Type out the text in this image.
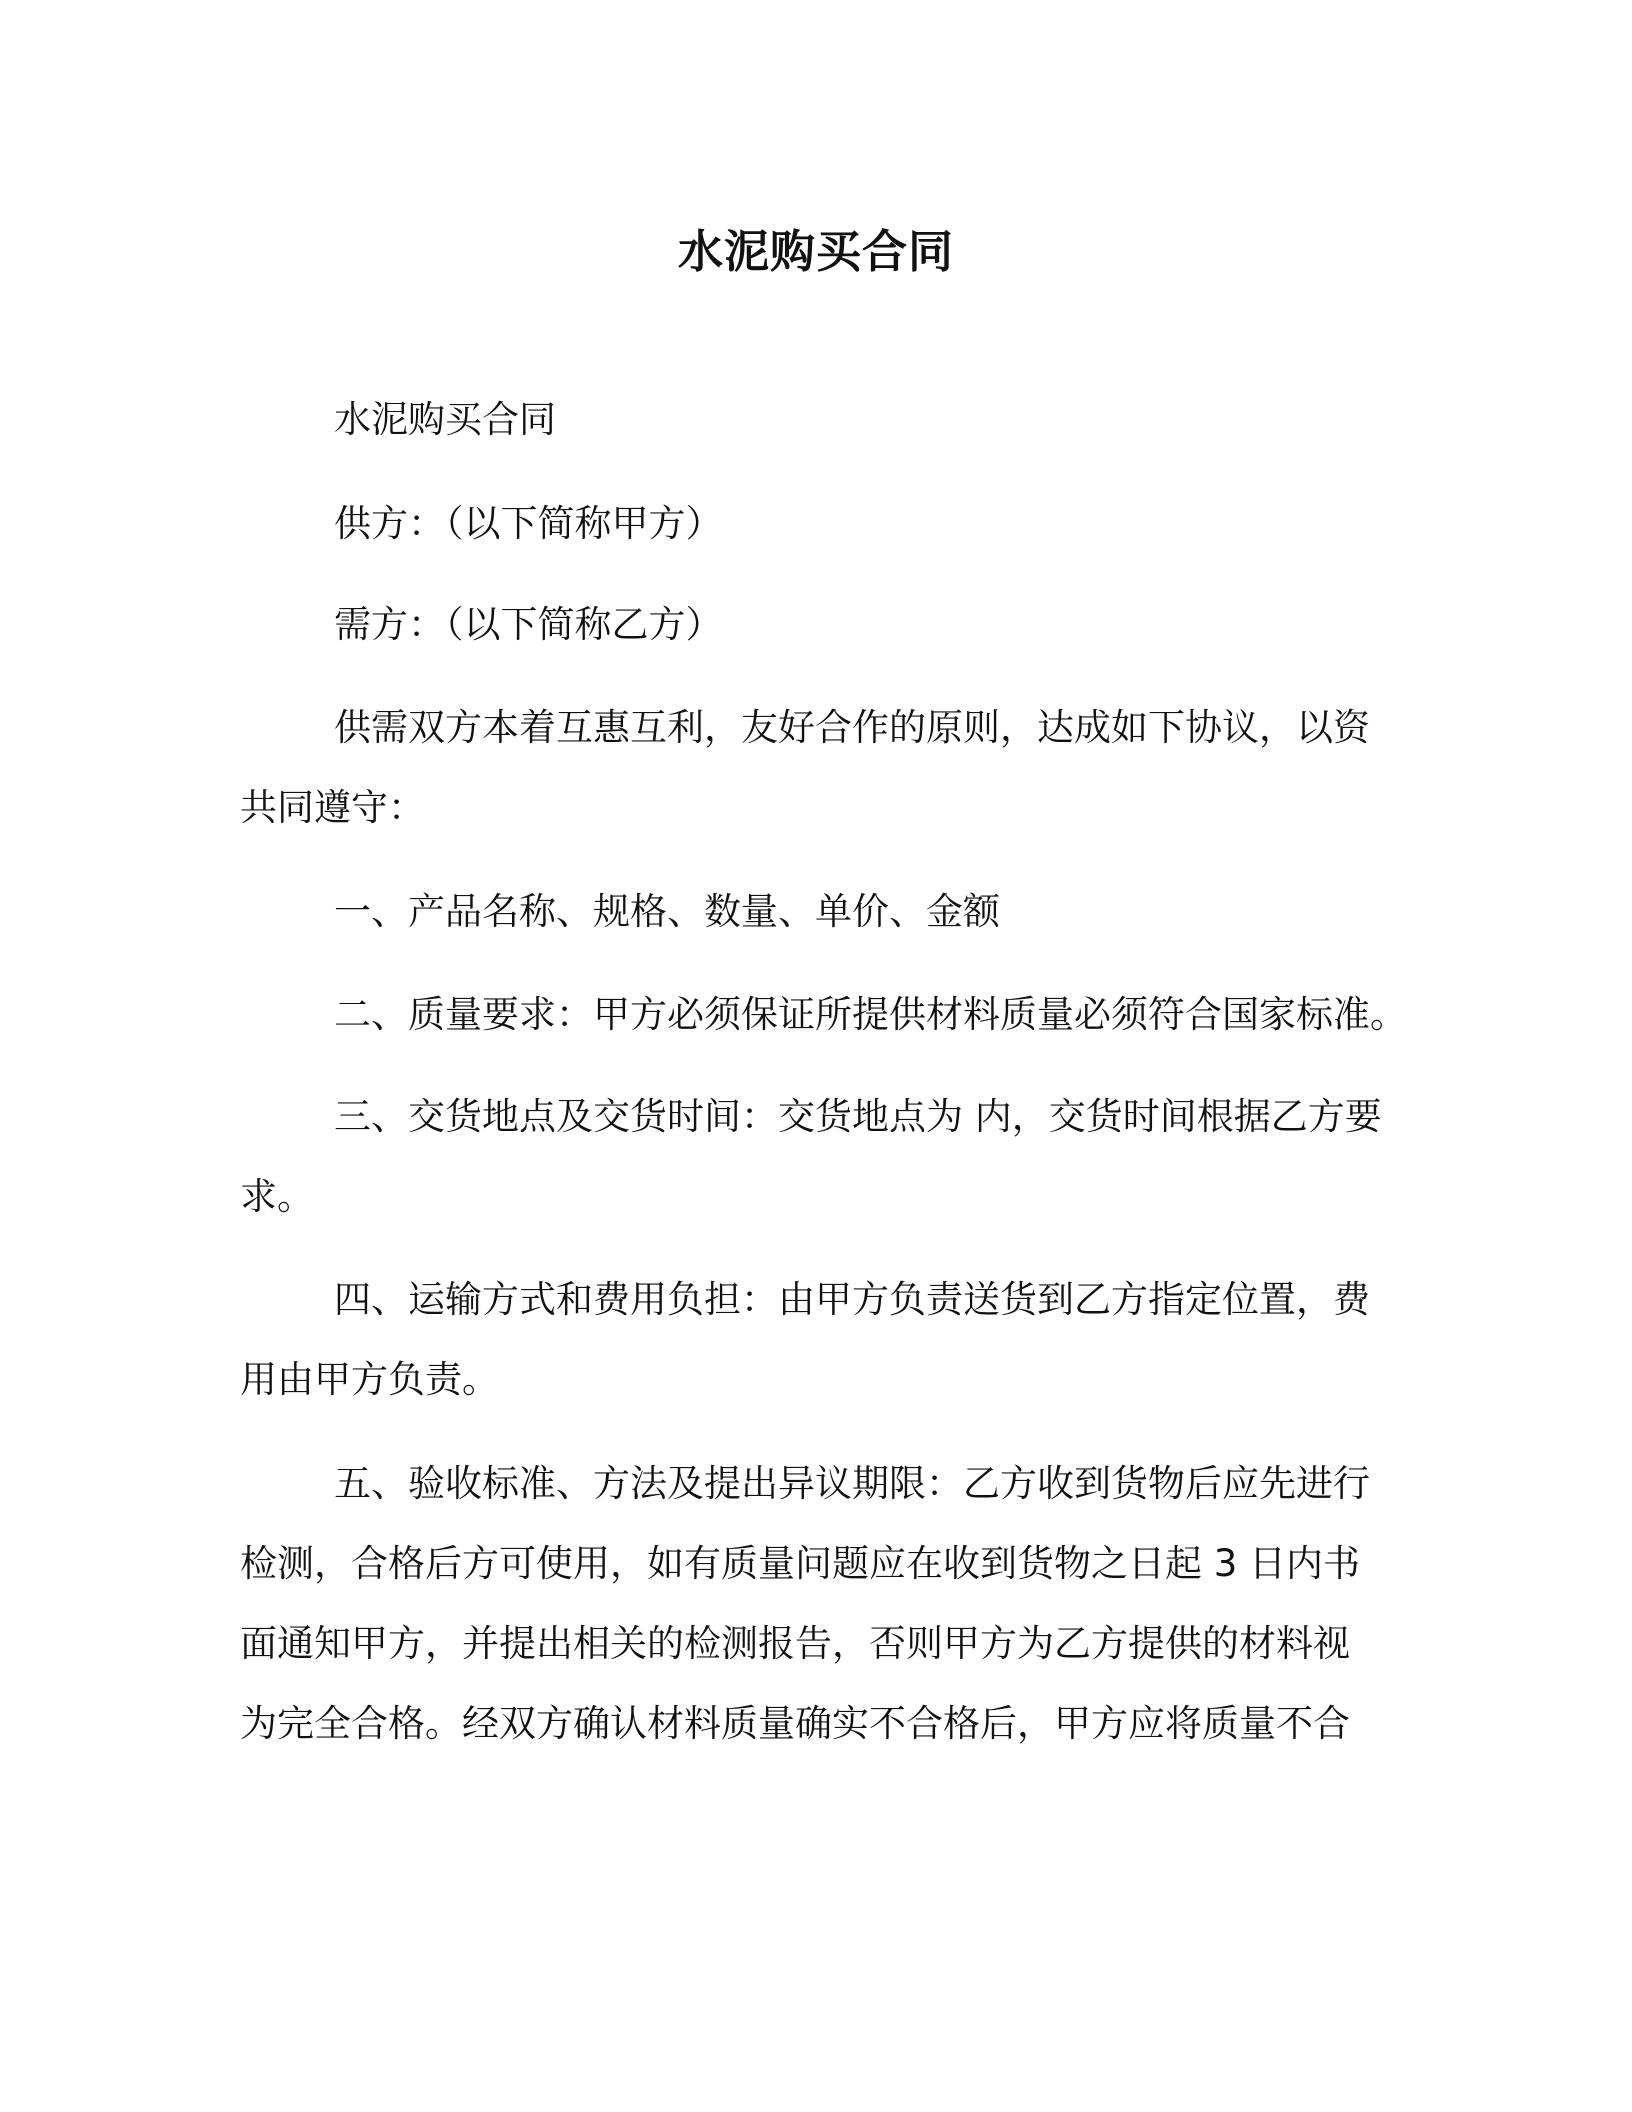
水泥购买合同

水泥购买合同

供方：（以下简称甲方）

需方：（以下简称乙方）

供需双方本着互惠互利，友好合作的原则，达成如下协议，以资
共同遵守：

一、产品名称、规格、数量、单价、金额

二、质量要求：甲方必须保证所提供材料质量必须符合国家标准。

三、交货地点及交货时间：交货地点为 内，交货时间根据乙方要
求。

四、运输方式和费用负担：由甲方负责送货到乙方指定位置，费
用由甲方负责。

五、验收标准、方法及提出异议期限：乙方收到货物后应先进行
检测，合格后方可使用，如有质量问题应在收到货物之日起 3 日内书
面通知甲方，并提出相关的检测报告，否则甲方为乙方提供的材料视
为完全合格。经双方确认材料质量确实不合格后，甲方应将质量不合
